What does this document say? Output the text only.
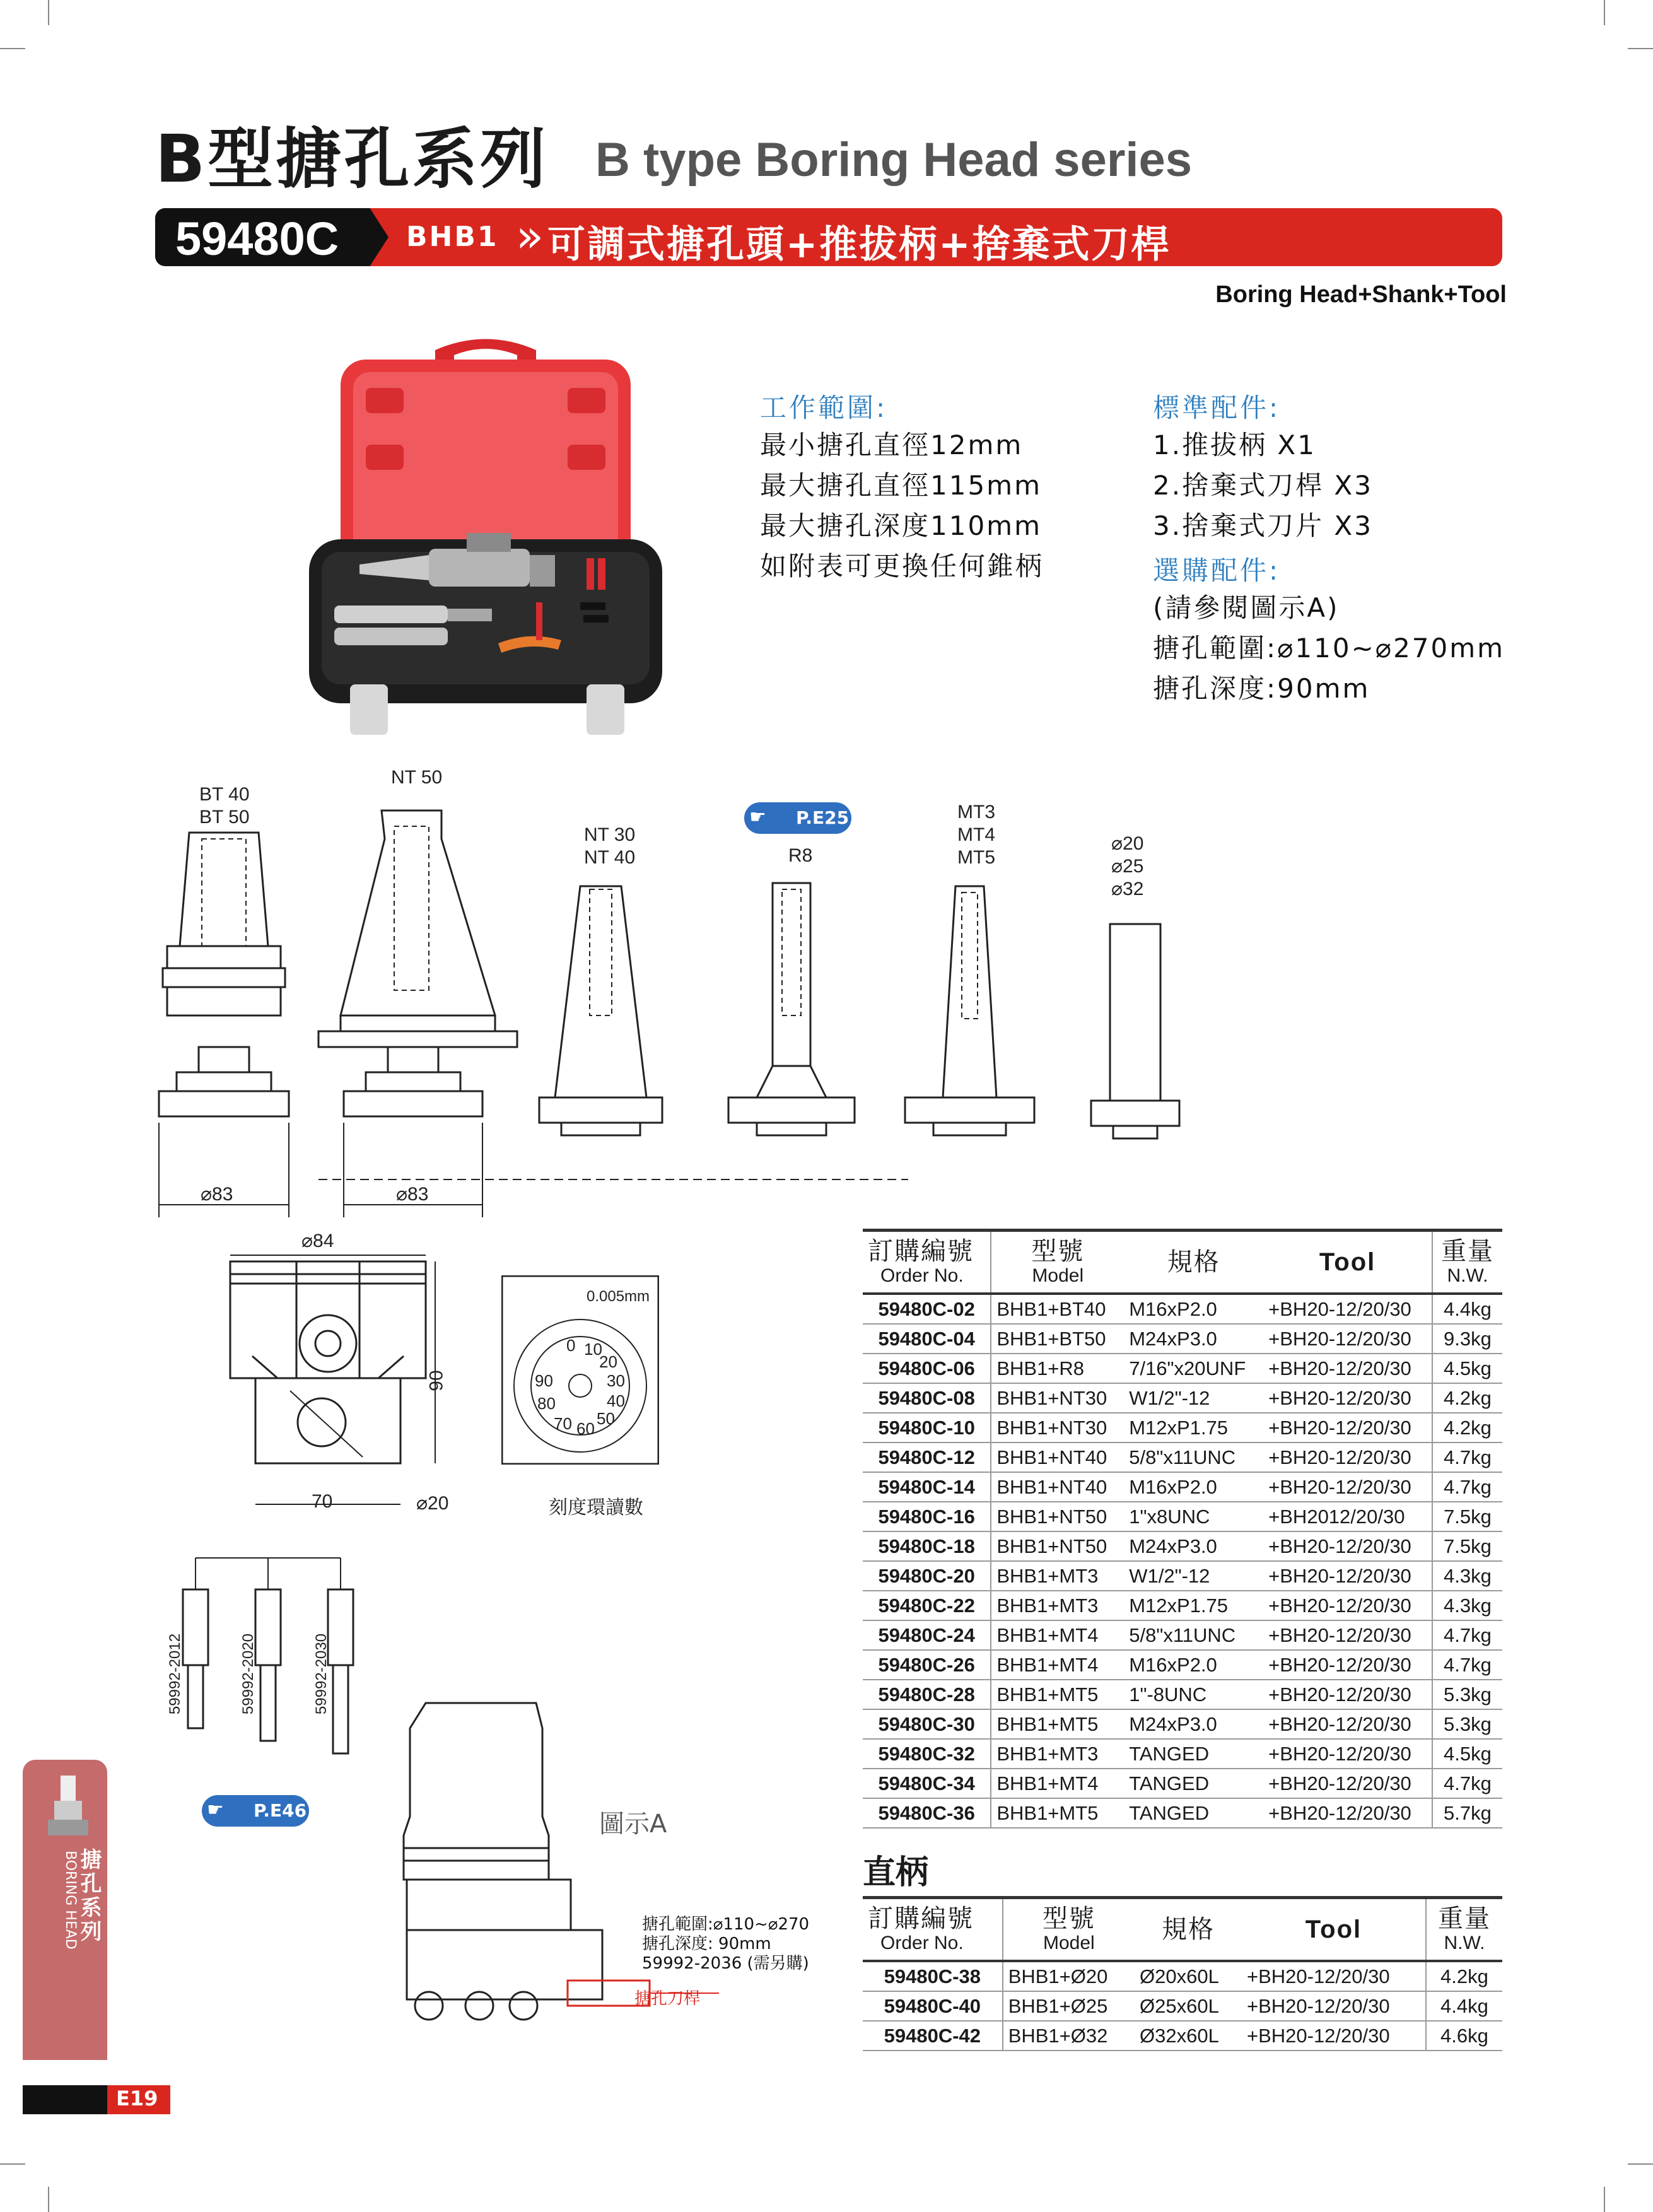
B型搪孔系列 B type Boring Head series
59480C BHB1 » 可調式搪孔頭+推拔柄+捨棄式刀桿
Boring Head+Shank+Tool
工作範圍:
最小搪孔直徑12mm
最大搪孔直徑115mm
最大搪孔深度110mm
如附表可更換任何錐柄
標準配件:
1.推拔柄 X1
2.捨棄式刀桿 X3
3.捨棄式刀片 X3
選購配件:
(請參閱圖示A)
搪孔範圍:⌀110~⌀270mm
搪孔深度:90mm
BT 40
BT 50
NT 50
NT 30
NT 40	R8
MT3
MT4
MT5
⌀20
⌀25
⌀32
☛ P.E25
⌀83	⌀83
⌀84
90
70	⌀20
0.005mm
刻度環讀數
0 10
20
30
40
50
60
70
80
90
59992-2012	59992-2020	59992-2030
☛ P.E46	圖示A
搪孔範圍:⌀110~⌀270
搪孔深度: 90mm
59992-2036 (需另購)
搪孔刀桿
訂購編號
Order No.	型號
Model	規格	Tool	重量
N.W.

59480C-02	BHB1+BT40	M16xP2.0	+BH20-12/20/30	4.4kg
59480C-04	BHB1+BT50	M24xP3.0	+BH20-12/20/30	9.3kg
59480C-06	BHB1+R8	7/16"x20UNF	+BH20-12/20/30	4.5kg
59480C-08	BHB1+NT30	W1/2"-12	+BH20-12/20/30	4.2kg
59480C-10	BHB1+NT30	M12xP1.75	+BH20-12/20/30	4.2kg
59480C-12	BHB1+NT40	5/8"x11UNC	+BH20-12/20/30	4.7kg
59480C-14	BHB1+NT40	M16xP2.0	+BH20-12/20/30	4.7kg
59480C-16	BHB1+NT50	1"x8UNC	+BH2012/20/30	7.5kg
59480C-18	BHB1+NT50	M24xP3.0	+BH20-12/20/30	7.5kg
59480C-20	BHB1+MT3	W1/2"-12	+BH20-12/20/30	4.3kg
59480C-22	BHB1+MT3	M12xP1.75	+BH20-12/20/30	4.3kg
59480C-24	BHB1+MT4	5/8"x11UNC	+BH20-12/20/30	4.7kg
59480C-26	BHB1+MT4	M16xP2.0	+BH20-12/20/30	4.7kg
59480C-28	BHB1+MT5	1"-8UNC	+BH20-12/20/30	5.3kg
59480C-30	BHB1+MT5	M24xP3.0	+BH20-12/20/30	5.3kg
59480C-32	BHB1+MT3	TANGED	+BH20-12/20/30	4.5kg
59480C-34	BHB1+MT4	TANGED	+BH20-12/20/30	4.7kg
59480C-36	BHB1+MT5	TANGED	+BH20-12/20/30	5.7kg
直柄
訂購編號
Order No.	型號
Model	規格	Tool	重量
N.W.

59480C-38	BHB1+Ø20	Ø20x60L	+BH20-12/20/30	4.2kg
59480C-40	BHB1+Ø25	Ø25x60L	+BH20-12/20/30	4.4kg
59480C-42	BHB1+Ø32	Ø32x60L	+BH20-12/20/30	4.6kg
搪孔系列
BORING HEAD
E19
